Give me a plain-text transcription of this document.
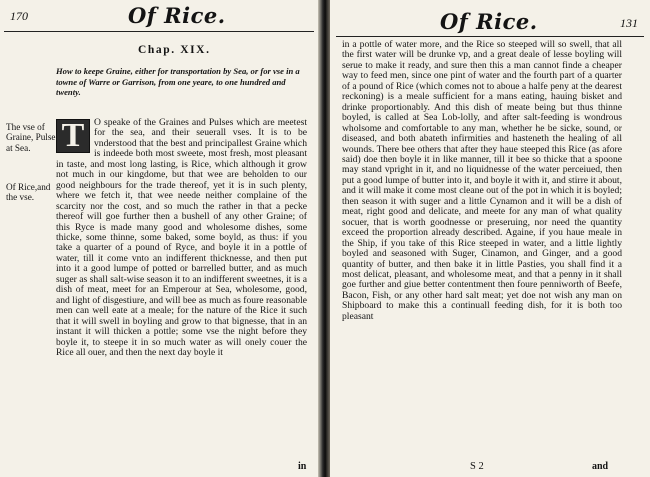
170	Of Rice.
Chap. XIX.
How to keepe Graine, either for transportation by Sea, or for vse in a towne of Warre or Garrison, from one yeare, to one hundred and twenty.
The vse of Graine, Pulse at Sea.
Of Rice,and the vse.
T	O speake of the Graines and Pulses which are meetest for the sea, and their seuerall vses. It is to be vnderstood that the best and principallest Graine which is indeede both most sweete, most fresh, most pleasant in taste, and most long lasting, is Rice, which although it grow not much in our kingdome, but that wee are beholden to our good neighbours for the trade thereof, yet it is in such plenty, where we fetch it, that wee neede neither complaine of the scarcity nor the cost, and so much the rather in that a pecke thereof will goe further then a bushell of any other Graine; of this Ryce is made many good and wholesome dishes, some thicke, some thinne, some baked, some boyld, as thus: if you take a quarter of a pound of Ryce, and boyle it in a pottle of water, till it come vnto an indifferent thicknesse, and then put into it a good lumpe of potted or barrelled butter, and as much suger as shall salt-wise season it to an indifferent sweetnes, it is a dish of meat, meet for an Emperour at Sea, wholesome, good, and light of disgestiure, and will bee as much as foure reasonable men can well eate at a meale; for the nature of the Rice it such that it will swell in boyling and grow to that bignesse, that in an instant it will thicken a pottle; some vse the night before they boyle it, to steepe it in so much water as will onely couer the Rice all ouer, and then the next day boyle it

in
Of Rice.	131

in a pottle of water more, and the Rice so steeped will so swell, that all the first water will be drunke vp, and a great deale of lesse boyling will serue to make it ready, and sure then this a man cannot finde a cheaper way to feed men, since one pint of water and the fourth part of a quarter of a pound of Rice (which comes not to aboue a halfe peny at the dearest reckoning) is a meale sufficient for a mans eating, hauing bisket and drinke proportionably. And this dish of meate being but thus thinne boyled, is called at Sea Lob-lolly, and after salt-feeding is wondrous wholsome and comfortable to any man, whether he be sicke, sound, or diseased, and both abateth infirmities and hasteneth the healing of all wounds. There bee others that after they haue steeped this Rice (as afore said) doe then boyle it in like manner, till it bee so thicke that a spoone may stand vpright in it, and no liquidnesse of the water perceiued, then put a good lumpe of butter into it, and boyle it with it, and stirre it about, and it will make it come most cleane out of the pot in which it is boyled; then season it with suger and a little Cynamon and it will be a dish of meat, right good and delicate, and meete for any man of what quality socuer, that is worth goodnesse or preseruing, nor need the quantity exceed the proportion already described. Againe, if you haue meale in the Ship, if you take of this Rice steeped in water, and a little lightly boyled and seasoned with Suger, Cinamon, and Ginger, and a good quantity of butter, and then bake it in little Pasties, you shall find it a most delicat, pleasant, and wholesome meat, and that a penny in it shall goe further and giue better contentment then foure penniworth of Beefe, Bacon, Fish, or any other hard salt meat; yet doe not wish any man on Shipboard to make this a continuall feeding dish, for it is both too pleasant

S 2	and
